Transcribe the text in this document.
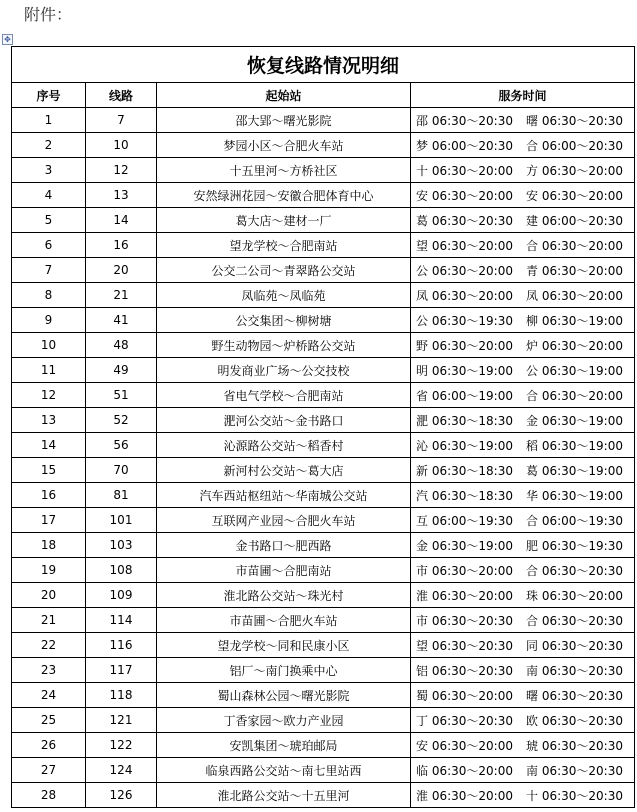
附件：
✥
恢复线路情况明细			
序号	线路	起始站	服务时间
1	7	邵大郢～曙光影院	邵 06:30～20:30 曙 06:30～20:30
2	10	梦园小区～合肥火车站	梦 06:00～20:30 合 06:00～20:30
3	12	十五里河～方桥社区	十 06:30～20:00 方 06:30～20:00
4	13	安然绿洲花园～安徽合肥体育中心	安 06:30～20:00 安 06:30～20:00
5	14	葛大店～建材一厂	葛 06:30～20:30 建 06:00～20:30
6	16	望龙学校～合肥南站	望 06:30～20:00 合 06:30～20:00
7	20	公交二公司～青翠路公交站	公 06:30～20:00 青 06:30～20:00
8	21	凤临苑～凤临苑	凤 06:30～20:00 凤 06:30～20:00
9	41	公交集团～柳树塘	公 06:30～19:30 柳 06:30～19:00
10	48	野生动物园～炉桥路公交站	野 06:30～20:00 炉 06:30～20:00
11	49	明发商业广场～公交技校	明 06:30～19:00 公 06:30～19:00
12	51	省电气学校～合肥南站	省 06:00～19:00 合 06:30～20:00
13	52	淝河公交站～金书路口	淝 06:30～18:30 金 06:30～19:00
14	56	沁源路公交站～稻香村	沁 06:30～19:00 稻 06:30～19:00
15	70	新河村公交站～葛大店	新 06:30～18:30 葛 06:30～19:00
16	81	汽车西站枢纽站～华南城公交站	汽 06:30～18:30 华 06:30～19:00
17	101	互联网产业园～合肥火车站	互 06:00～19:30 合 06:00～19:30
18	103	金书路口～肥西路	金 06:30～19:00 肥 06:30～19:30
19	108	市苗圃～合肥南站	市 06:30～20:00 合 06:30～20:30
20	109	淮北路公交站～珠光村	淮 06:30～20:00 珠 06:30～20:00
21	114	市苗圃～合肥火车站	市 06:30～20:30 合 06:30～20:30
22	116	望龙学校～同和民康小区	望 06:30～20:30 同 06:30～20:30
23	117	铝厂～南门换乘中心	铝 06:30～20:30 南 06:30～20:30
24	118	蜀山森林公园～曙光影院	蜀 06:30～20:00 曙 06:30～20:30
25	121	丁香家园～欧力产业园	丁 06:30～20:30 欧 06:30～20:30
26	122	安凯集团～琥珀邮局	安 06:30～20:00 琥 06:30～20:30
27	124	临泉西路公交站～南七里站西	临 06:30～20:00 南 06:30～20:30
28	126	淮北路公交站～十五里河	淮 06:30～20:00 十 06:30～20:30
